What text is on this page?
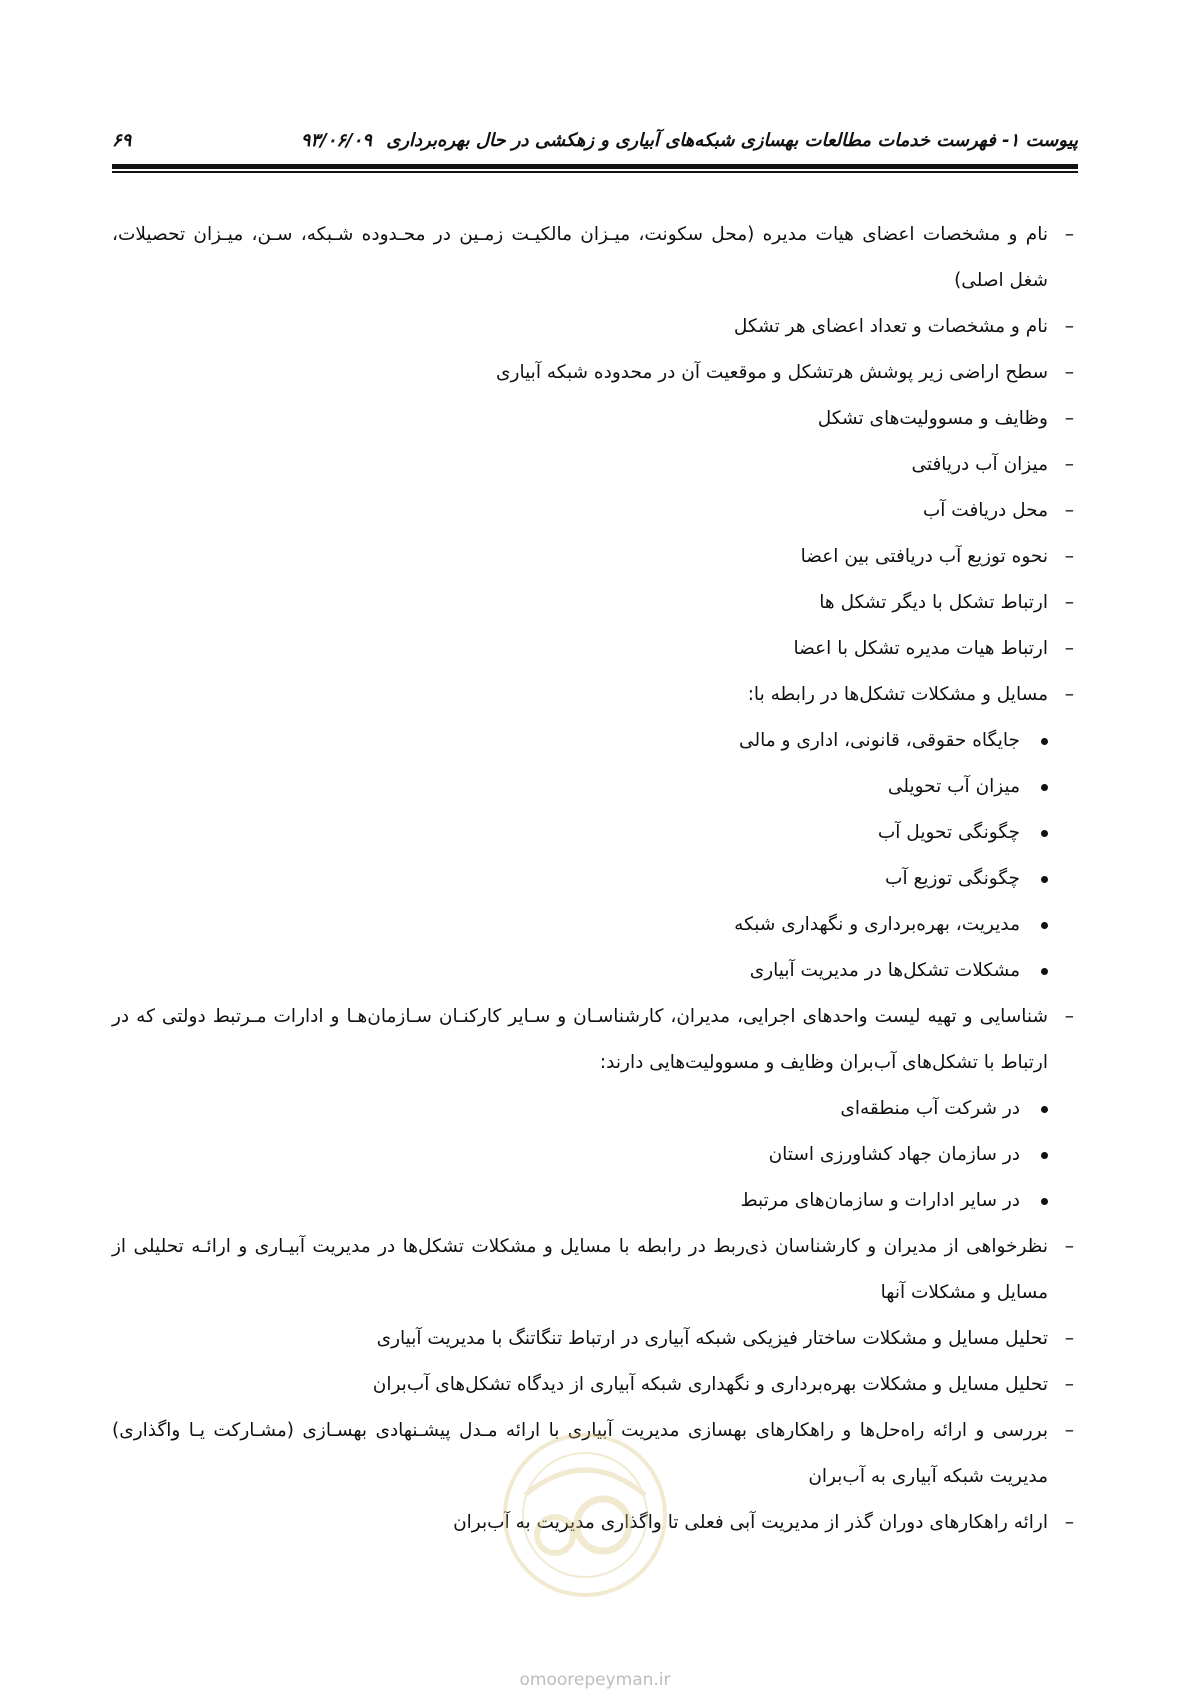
پیوست ۱- فهرست خدمات مطالعات بهسازی شبکه‌های آبیاری و زهکشی در حال بهره‌برداری ۹۳/۰۶/۰۹
۶۹
–
نام و مشخصات اعضای هیات مدیره (محل سکونت، میـزان مالکیـت زمـین در محـدوده شـبکه، سـن، میـزان تحصیلات، شغل اصلی)
–
نام و مشخصات و تعداد اعضای هر تشکل
–
سطح اراضی زیر پوشش هرتشکل و موقعیت آن در محدوده شبکه آبیاری
–
وظایف و مسوولیت‌های تشکل
–
میزان آب دریافتی
–
محل دریافت آب
–
نحوه توزیع آب دریافتی بین اعضا
–
ارتباط تشکل با دیگر تشکل ها
–
ارتباط هیات مدیره تشکل با اعضا
–
مسایل و مشکلات تشکل‌ها در رابطه با:
جایگاه حقوقی، قانونی، اداری و مالی
میزان آب تحویلی
چگونگی تحویل آب
چگونگی توزیع آب
مدیریت، بهره‌برداری و نگهداری شبکه
مشکلات تشکل‌ها در مدیریت آبیاری
–
شناسایی و تهیه لیست واحدهای اجرایی، مدیران، کارشناسـان و سـایر کارکنـان سـازمان‌هـا و ادارات مـرتبط دولتی که در ارتباط با تشکل‌های آب‌بران وظایف و مسوولیت‌هایی دارند:
در شرکت آب منطقه‌ای
در سازمان جهاد کشاورزی استان
در سایر ادارات و سازمان‌های مرتبط
–
نظرخواهی از مدیران و کارشناسان ذی‌ربط در رابطه با مسایل و مشکلات تشکل‌ها در مدیریت آبیـاری و ارائـه تحلیلی از مسایل و مشکلات آنها
–
تحلیل مسایل و مشکلات ساختار فیزیکی شبکه آبیاری در ارتباط تنگاتنگ با مدیریت آبیاری
–
تحلیل مسایل و مشکلات بهره‌برداری و نگهداری شبکه آبیاری از دیدگاه تشکل‌های آب‌بران
–
بررسی و ارائه راه‌حل‌ها و راهکارهای بهسازی مدیریت آبیاری با ارائه مـدل پیشـنهادی بهسـازی (مشـارکت یـا واگذاری) مدیریت شبکه آبیاری به آب‌بران
–
ارائه راهکارهای دوران گذر از مدیریت آبی فعلی تا واگذاری مدیریت به آب‌بران
omoorepeyman.ir
